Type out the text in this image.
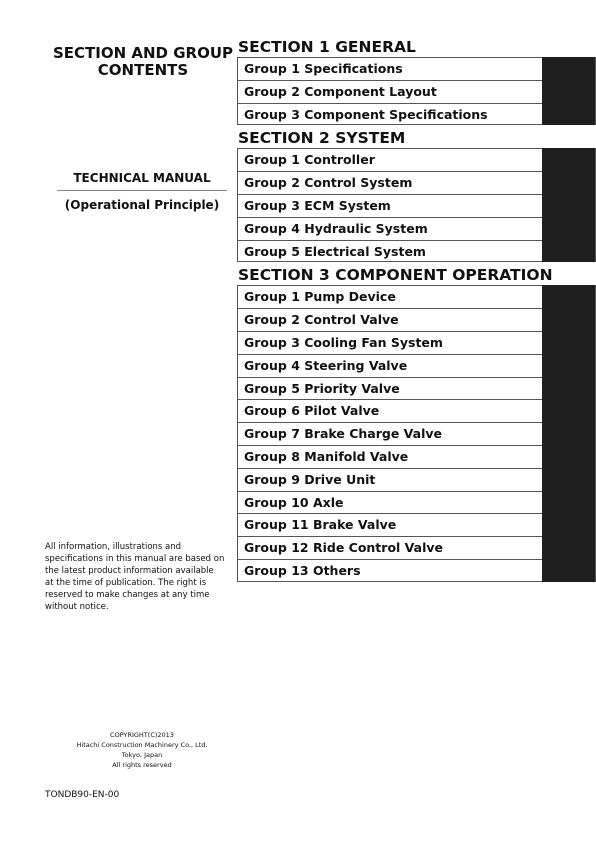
SECTION AND GROUP
CONTENTS
TECHNICAL MANUAL
(Operational Principle)
All information, illustrations and
specifications in this manual are based on
the latest product information available
at the time of publication. The right is
reserved to make changes at any time
without notice.
COPYRIGHT(C)2013
Hitachi Construction Machinery Co., Ltd.
Tokyo, Japan
All rights reserved
TONDB90-EN-00
SECTION 1 GENERAL
Group 1 Specifications
Group 2 Component Layout
Group 3 Component Specifications
SECTION 2 SYSTEM
Group 1 Controller
Group 2 Control System
Group 3 ECM System
Group 4 Hydraulic System
Group 5 Electrical System
SECTION 3 COMPONENT OPERATION
Group 1 Pump Device
Group 2 Control Valve
Group 3 Cooling Fan System
Group 4 Steering Valve
Group 5 Priority Valve
Group 6 Pilot Valve
Group 7 Brake Charge Valve
Group 8 Manifold Valve
Group 9 Drive Unit
Group 10 Axle
Group 11 Brake Valve
Group 12 Ride Control Valve
Group 13 Others
